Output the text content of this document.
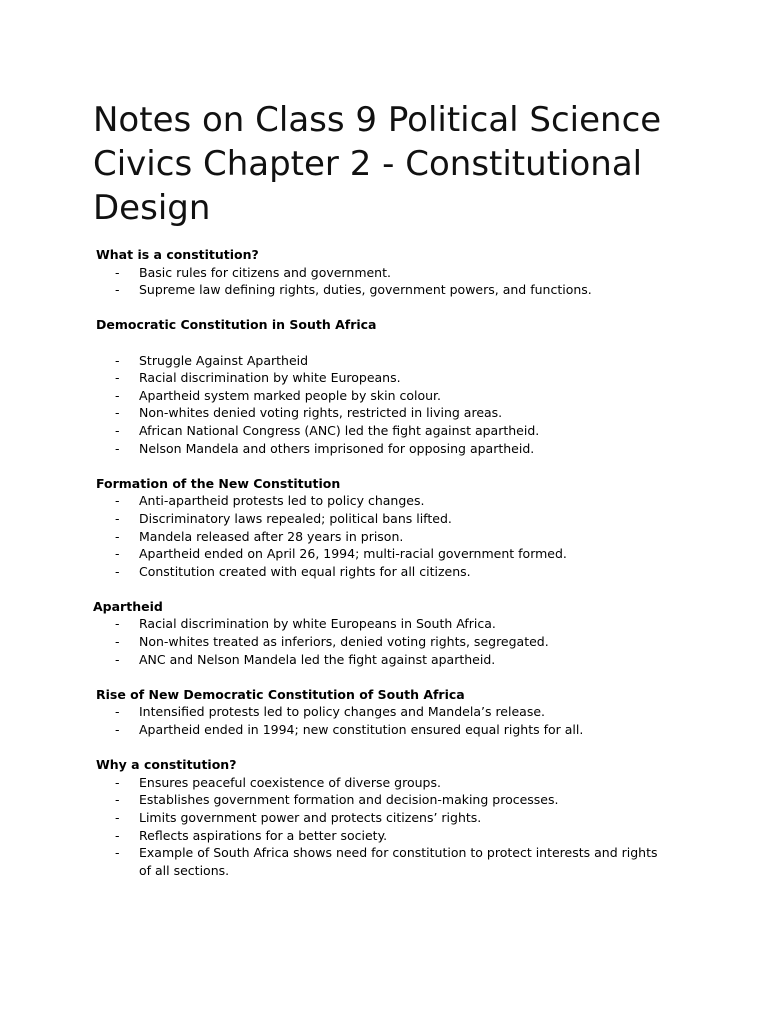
Notes on Class 9 Political Science Civics Chapter 2 - Constitutional Design
What is a constitution?
- Basic rules for citizens and government.
- Supreme law defining rights, duties, government powers, and functions.
Democratic Constitution in South Africa
- Struggle Against Apartheid
- Racial discrimination by white Europeans.
- Apartheid system marked people by skin colour.
- Non-whites denied voting rights, restricted in living areas.
- African National Congress (ANC) led the fight against apartheid.
- Nelson Mandela and others imprisoned for opposing apartheid.
Formation of the New Constitution
- Anti-apartheid protests led to policy changes.
- Discriminatory laws repealed; political bans lifted.
- Mandela released after 28 years in prison.
- Apartheid ended on April 26, 1994; multi-racial government formed.
- Constitution created with equal rights for all citizens.
Apartheid
- Racial discrimination by white Europeans in South Africa.
- Non-whites treated as inferiors, denied voting rights, segregated.
- ANC and Nelson Mandela led the fight against apartheid.
Rise of New Democratic Constitution of South Africa
- Intensified protests led to policy changes and Mandela’s release.
- Apartheid ended in 1994; new constitution ensured equal rights for all.
Why a constitution?
- Ensures peaceful coexistence of diverse groups.
- Establishes government formation and decision-making processes.
- Limits government power and protects citizens’ rights.
- Reflects aspirations for a better society.
- Example of South Africa shows need for constitution to protect interests and rights of all sections.
